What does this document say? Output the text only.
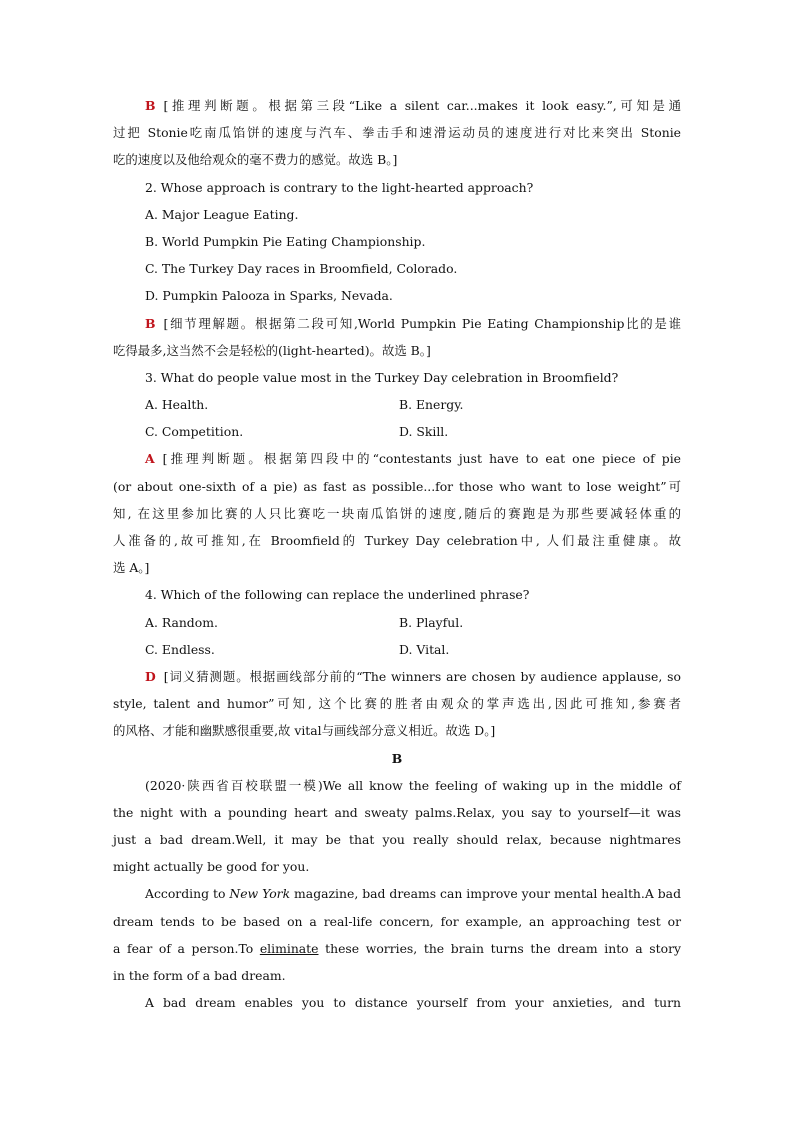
B [推理判断题。根据第三段“Like a silent car...makes it look easy.”,可知是通
过把 Stonie吃南瓜馅饼的速度与汽车、拳击手和速滑运动员的速度进行对比来突出 Stonie
吃的速度以及他给观众的毫不费力的感觉。故选 B。]
2. Whose approach is contrary to the light-hearted approach?
A. Major League Eating.
B. World Pumpkin Pie Eating Championship.
C. The Turkey Day races in Broomfield, Colorado.
D. Pumpkin Palooza in Sparks, Nevada.
B [细节理解题。根据第二段可知,World Pumpkin Pie Eating Championship比的是谁
吃得最多,这当然不会是轻松的(light-hearted)。故选 B。]
3. What do people value most in the Turkey Day celebration in Broomfield?
A. Health.	B. Energy.
C. Competition.	D. Skill.
A [推理判断题。根据第四段中的“contestants just have to eat one piece of pie
(or about one-sixth of a pie) as fast as possible...for those who want to lose weight”可
知, 在这里参加比赛的人只比赛吃一块南瓜馅饼的速度,随后的赛跑是为那些要减轻体重的
人准备的,故可推知,在 Broomfield的 Turkey Day celebration中, 人们最注重健康。故
选 A。]
4. Which of the following can replace the underlined phrase?
A. Random.	B. Playful.
C. Endless.	D. Vital.
D [词义猜测题。根据画线部分前的“The winners are chosen by audience applause, so
style, talent and humor”可知, 这个比赛的胜者由观众的掌声选出,因此可推知,参赛者
的风格、才能和幽默感很重要,故 vital与画线部分意义相近。故选 D。]
B
(2020·陕西省百校联盟一模)We all know the feeling of waking up in the middle of
the night with a pounding heart and sweaty palms.Relax, you say to yourself—it was
just a bad dream.Well, it may be that you really should relax, because nightmares
might actually be good for you.
According to New York magazine, bad dreams can improve your mental health.A bad
dream tends to be based on a real-life concern, for example, an approaching test or
a fear of a person.To eliminate these worries, the brain turns the dream into a story
in the form of a bad dream.
A bad dream enables you to distance yourself from your anxieties, and turn
